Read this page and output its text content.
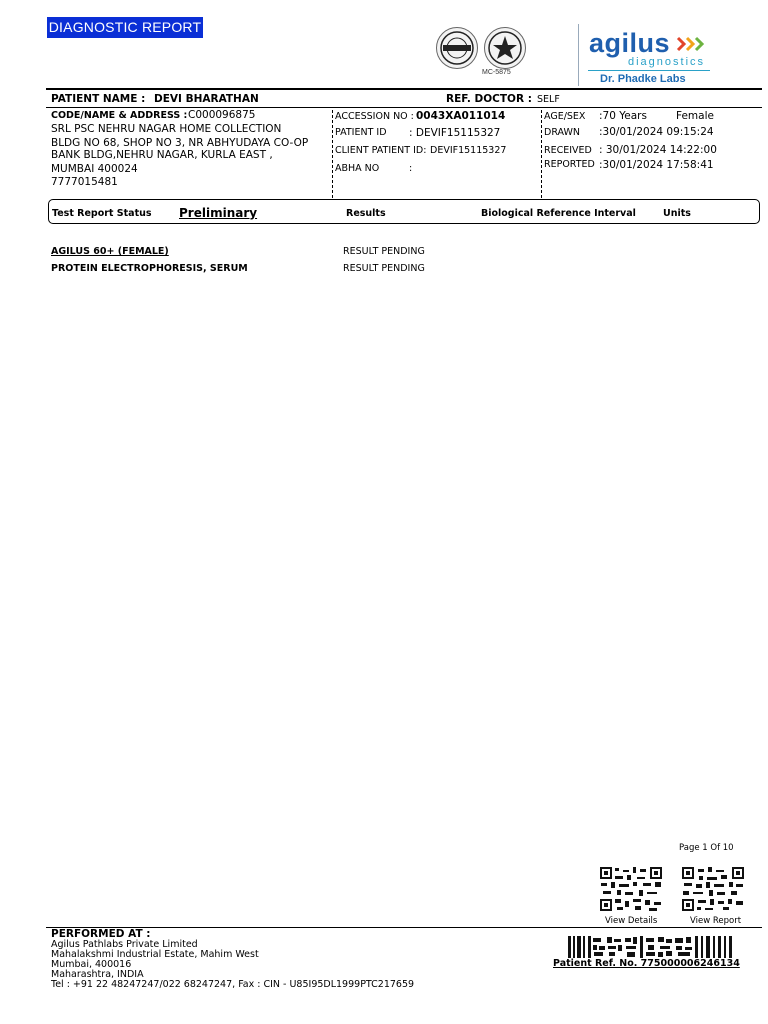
DIAGNOSTIC REPORT
MC-5875
agilus
diagnostics
Dr. Phadke Labs
PATIENT NAME : DEVI BHARATHAN	REF. DOCTOR : SELF
CODE/NAME & ADDRESS : C000096875
SRL PSC NEHRU NAGAR HOME COLLECTION
BLDG NO 68, SHOP NO 3, NR ABHYUDAYA CO-OP
BANK BLDG,NEHRU NAGAR, KURLA EAST ,
MUMBAI 400024
7777015481
ACCESSION NO : 0043XA011014
PATIENT ID : DEVIF15115327
CLIENT PATIENT ID: DEVIF15115327
ABHA NO	:
AGE/SEX :70 Years	Female
DRAWN :30/01/2024 09:15:24
RECEIVED : 30/01/2024 14:22:00
REPORTED :30/01/2024 17:58:41
Test Report Status Preliminary	Results	Biological Reference Interval	Units
AGILUS 60+ (FEMALE)	RESULT PENDING
PROTEIN ELECTROPHORESIS, SERUM	RESULT PENDING
Page 1 Of 10
View Details	View Report
PERFORMED AT :
Agilus Pathlabs Private Limited
Mahalakshmi Industrial Estate, Mahim West
Mumbai, 400016
Maharashtra, INDIA
Tel : +91 22 48247247/022 68247247, Fax : CIN - U85I95DL1999PTC217659
Patient Ref. No. 775000006246134
